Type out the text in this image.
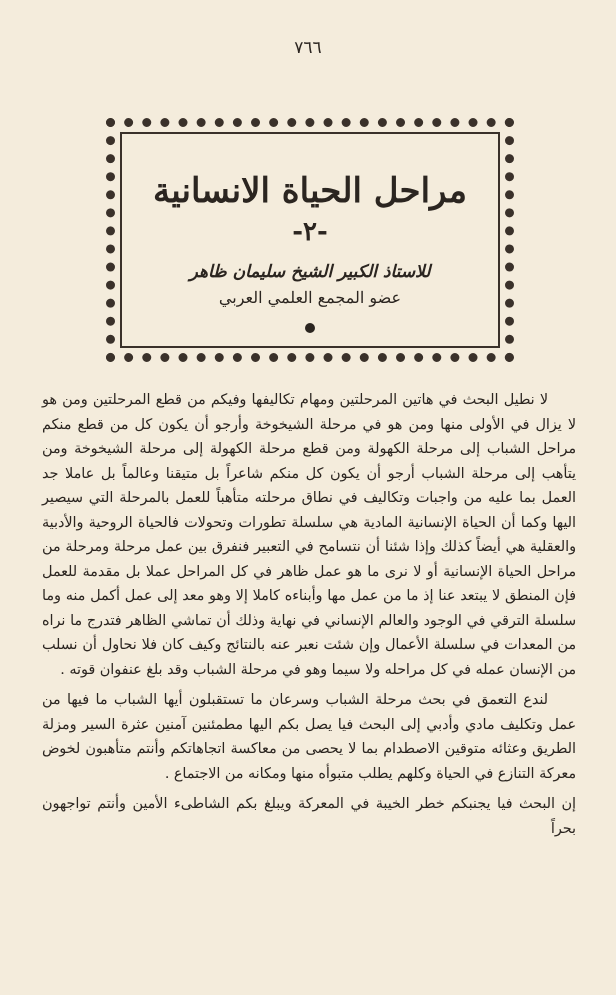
٧٦٦
مراحل الحياة الانسانية
-٢-
للاستاذ الكبير الشيخ سليمان ظاهر
عضو المجمع العلمي العربي

لا نطيل البحث في هاتين المرحلتين ومهام تكاليفها وفيكم من قطع المرحلتين ومن هو لا يزال في الأولى منها ومن هو في مرحلة الشيخوخة وأرجو أن يكون كل من قطع منكم مراحل الشباب إلى مرحلة الكهولة ومن قطع مرحلة الكهولة إلى مرحلة الشيخوخة ومن يتأهب إلى مرحلة الشباب أرجو أن يكون كل منكم شاعراً بل متيقنا وعالماً بل عاملا جد العمل بما عليه من واجبات وتكاليف في نطاق مرحلته متأهباً للعمل بالمرحلة التي سيصير اليها وكما أن الحياة الإنسانية المادية هي سلسلة تطورات وتحولات فالحياة الروحية والأدبية والعقلية هي أيضاً كذلك وإذا شئنا أن نتسامح في التعبير فنفرق بين عمل مرحلة ومرحلة من مراحل الحياة الإنسانية أو لا نرى ما هو عمل ظاهر في كل المراحل عملا بل مقدمة للعمل فإن المنطق لا يبتعد عنا إذ ما من عمل مها وأبناءه كاملا إلا وهو معد إلى عمل أكمل منه وما سلسلة الترقي في الوجود والعالم الإنساني في نهاية وذلك أن تماشي الظاهر فتدرج ما نراه من المعدات في سلسلة الأعمال وإن شئت نعبر عنه بالنتائج وكيف كان فلا نحاول أن نسلب من الإنسان عمله في كل مراحله ولا سيما وهو في مرحلة الشباب وقد بلغ عنفوان قوته .

لندع التعمق في بحث مرحلة الشباب وسرعان ما تستقبلون أيها الشباب ما فيها من عمل وتكليف مادي وأدبي إلى البحث فيا يصل بكم اليها مطمئنين آمنين عثرة السير ومزلة الطريق وعثائه متوقين الاصطدام بما لا يحصى من معاكسة اتجاهاتكم وأنتم متأهبون لخوض معركة التنازع في الحياة وكلهم يطلب متبوأه منها ومكانه من الاجتماع .

إن البحث فيا يجنبكم خطر الخيبة في المعركة ويبلغ بكم الشاطىء الأمين وأنتم تواجهون بحراً
